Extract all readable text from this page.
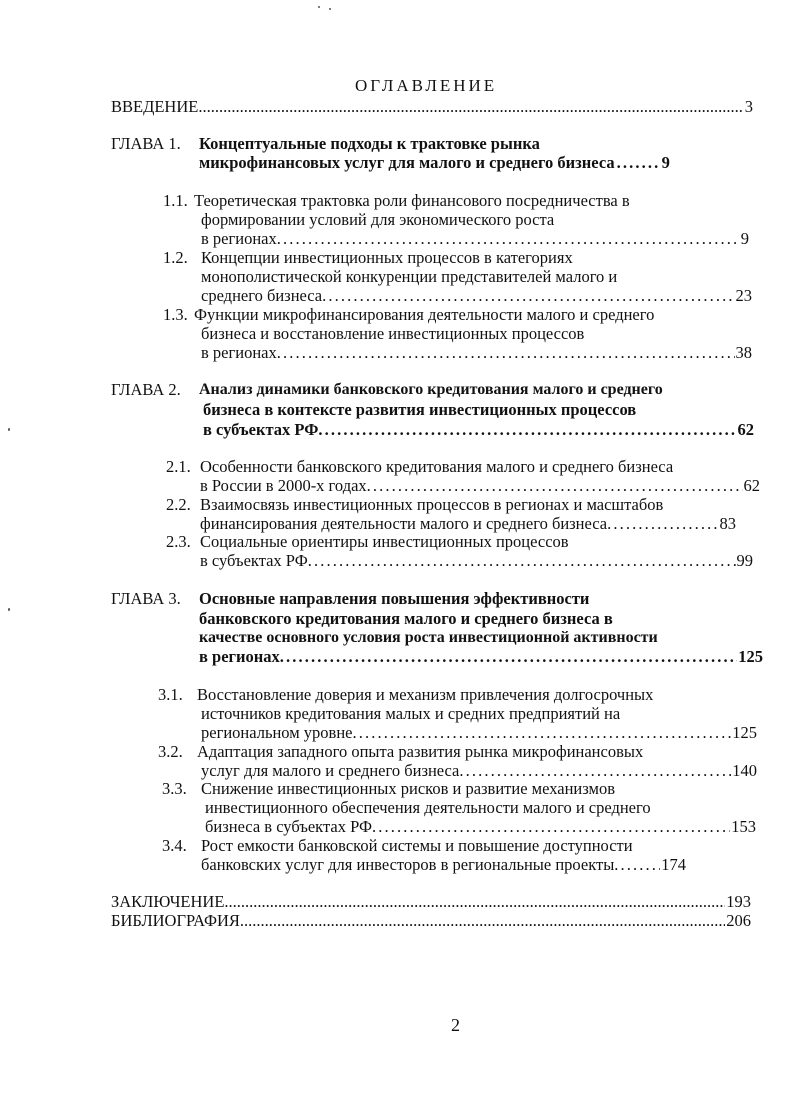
ОГЛАВЛЕНИЕ
ВВЕДЕНИЕ .....	3
ГЛАВА 1. Концептуальные подходы к трактовке рынка
микрофинансовых услуг для малого и среднего бизнеса . . .	9
1.1. Теоретическая трактовка роли финансового посредничества в
формировании условий для экономического роста
в регионах . . .	9
1.2. Концепции инвестиционных процессов в категориях
монополистической конкуренции представителей малого и
среднего бизнеса . . .	23
1.3. Функции микрофинансирования деятельности малого и среднего
бизнеса и восстановление инвестиционных процессов
в регионах . . .	38
ГЛАВА 2. Анализ динамики банковского кредитования малого и среднего
бизнеса в контексте развития инвестиционных процессов
в субъектах РФ . . .	62
2.1. Особенности банковского кредитования малого и среднего бизнеса
в России в 2000-х годах . . .	62
2.2. Взаимосвязь инвестиционных процессов в регионах и масштабов
финансирования деятельности малого и среднего бизнеса . . .	83
2.3. Социальные ориентиры инвестиционных процессов
в субъектах РФ . . .	99
ГЛАВА 3. Основные направления повышения эффективности
банковского кредитования малого и среднего бизнеса в
качестве основного условия роста инвестиционной активности
в регионах . . .	125
3.1. Восстановление доверия и механизм привлечения долгосрочных
источников кредитования малых и средних предприятий на
региональном уровне . . .	125
3.2. Адаптация западного опыта развития рынка микрофинансовых
услуг для малого и среднего бизнеса . . .	140
3.3. Снижение инвестиционных рисков и развитие механизмов
инвестиционного обеспечения деятельности малого и среднего
бизнеса в субъектах РФ . . .	153
3.4. Рост емкости банковской системы и повышение доступности
банковских услуг для инвесторов в региональные проекты . . .	174
ЗАКЛЮЧЕНИЕ .....	193
БИБЛИОГРАФИЯ .....	206
2
